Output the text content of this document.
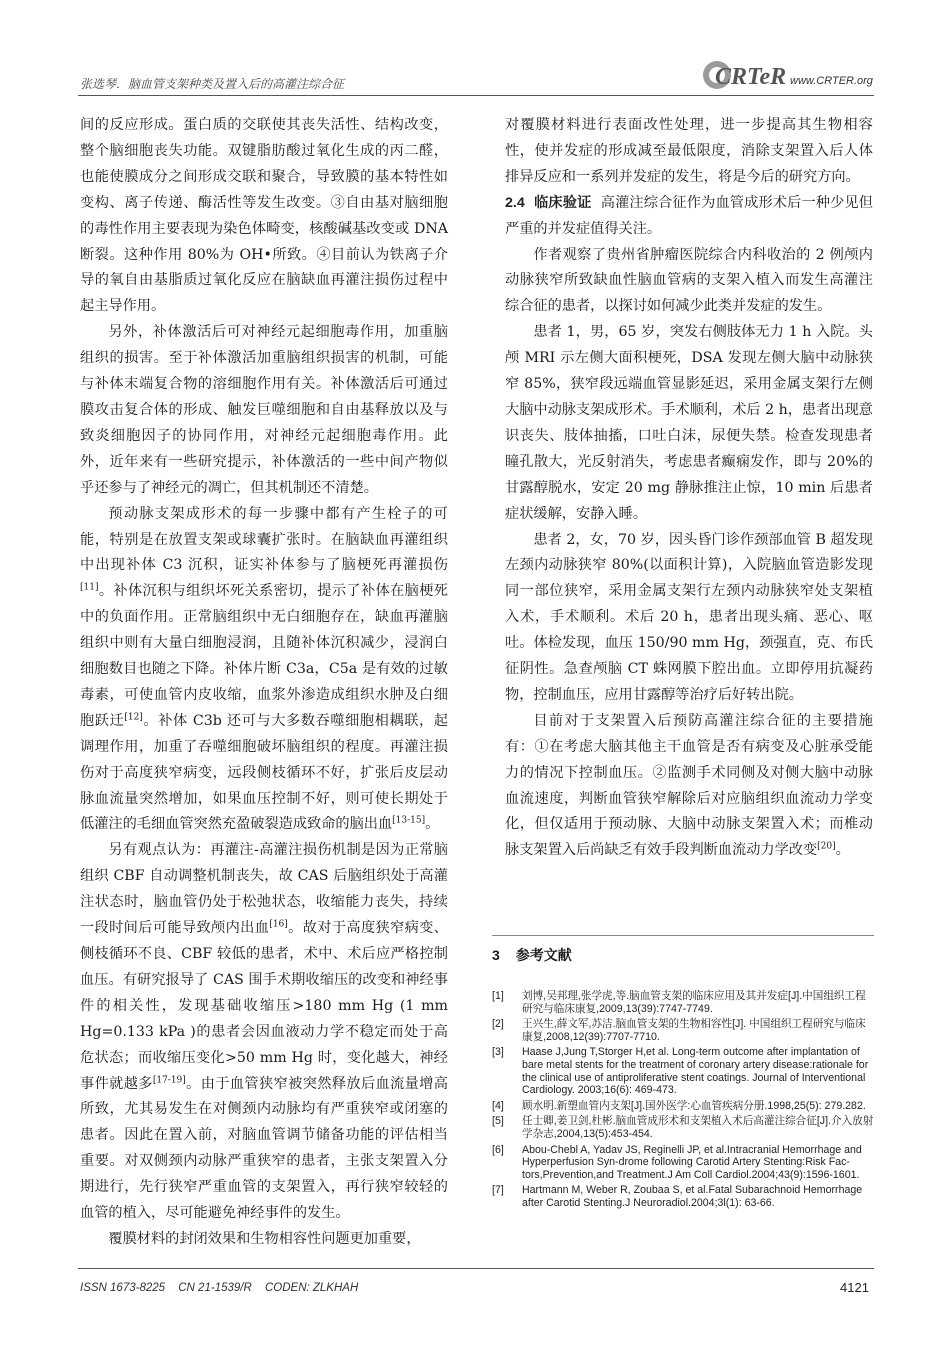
张选琴．脑血管支架种类及置入后的高灌注综合征	CRTeR www.CRTER.org

间的反应形成。蛋白质的交联使其丧失活性、结构改变，整个脑细胞丧失功能。双键脂肪酸过氧化生成的丙二醛，也能使膜成分之间形成交联和聚合，导致膜的基本特性如变构、离子传递、酶活性等发生改变。③自由基对脑细胞的毒性作用主要表现为染色体畸变，核酸碱基改变或 DNA 断裂。这种作用 80%为 OH•所致。④目前认为铁离子介导的氧自由基脂质过氧化反应在脑缺血再灌注损伤过程中起主导作用。

另外，补体激活后可对神经元起细胞毒作用，加重脑组织的损害。至于补体激活加重脑组织损害的机制，可能与补体末端复合物的溶细胞作用有关。补体激活后可通过膜攻击复合体的形成、触发巨噬细胞和自由基释放以及与致炎细胞因子的协同作用，对神经元起细胞毒作用。此外，近年来有一些研究提示，补体激活的一些中间产物似乎还参与了神经元的凋亡，但其机制还不清楚。

预动脉支架成形术的每一步骤中都有产生栓子的可能，特别是在放置支架或球囊扩张时。在脑缺血再灌组织中出现补体 C3 沉积，证实补体参与了脑梗死再灌损伤[11]。补体沉积与组织坏死关系密切，提示了补体在脑梗死中的负面作用。正常脑组织中无白细胞存在，缺血再灌脑组织中则有大量白细胞浸润，且随补体沉积减少，浸润白细胞数目也随之下降。补体片断 C3a，C5a 是有效的过敏毒素，可使血管内皮收缩，血浆外渗造成组织水肿及白细胞跃迁[12]。补体 C3b 还可与大多数吞噬细胞相耦联，起调理作用，加重了吞噬细胞破坏脑组织的程度。再灌注损伤对于高度狭窄病变，远段侧枝循环不好，扩张后皮层动脉血流量突然增加，如果血压控制不好，则可使长期处于低灌注的毛细血管突然充盈破裂造成致命的脑出血[13-15]。

另有观点认为：再灌注-高灌注损伤机制是因为正常脑组织 CBF 自动调整机制丧失，故 CAS 后脑组织处于高灌注状态时，脑血管仍处于松弛状态，收缩能力丧失，持续一段时间后可能导致颅内出血[16]。故对于高度狭窄病变、侧枝循环不良、CBF 较低的患者，术中、术后应严格控制血压。有研究报导了 CAS 围手术期收缩压的改变和神经事件的相关性，发现基础收缩压>180 mm Hg (1 mm Hg=0.133 kPa )的患者会因血液动力学不稳定而处于高危状态；而收缩压变化>50 mm Hg 时，变化越大，神经事件就越多[17-19]。由于血管狭窄被突然释放后血流量增高所致，尤其易发生在对侧颈内动脉均有严重狭窄或闭塞的患者。因此在置入前，对脑血管调节储备功能的评估相当重要。对双侧颈内动脉严重狭窄的患者，主张支架置入分期进行，先行狭窄严重血管的支架置入，再行狭窄较轻的血管的植入，尽可能避免神经事件的发生。

覆膜材料的封闭效果和生物相容性问题更加重要，

对覆膜材料进行表面改性处理，进一步提高其生物相容性，使并发症的形成减至最低限度，消除支架置入后人体排异反应和一系列并发症的发生，将是今后的研究方向。

2.4 临床验证 高灌注综合征作为血管成形术后一种少见但严重的并发症值得关注。

作者观察了贵州省肿瘤医院综合内科收治的 2 例颅内动脉狭窄所致缺血性脑血管病的支架入植入而发生高灌注综合征的患者，以探讨如何减少此类并发症的发生。

患者 1，男，65 岁，突发右侧肢体无力 1 h 入院。头颅 MRI 示左侧大面积梗死，DSA 发现左侧大脑中动脉狭窄 85%，狭窄段远端血管显影延迟，采用金属支架行左侧大脑中动脉支架成形术。手术顺利，术后 2 h，患者出现意识丧失、肢体抽搐，口吐白沫，尿便失禁。检查发现患者瞳孔散大，光反射消失，考虑患者癫痫发作，即与 20%的甘露醇脱水，安定 20 mg 静脉推注止惊，10 min 后患者症状缓解，安静入睡。

患者 2，女，70 岁，因头昏门诊作颈部血管 B 超发现左颈内动脉狭窄 80%(以面积计算)，入院脑血管造影发现同一部位狭窄，采用金属支架行左颈内动脉狭窄处支架植入术，手术顺利。术后 20 h，患者出现头痛、恶心、呕吐。体检发现，血压 150/90 mm Hg，颈强直，克、布氏征阴性。急查颅脑 CT 蛛网膜下腔出血。立即停用抗凝药物，控制血压，应用甘露醇等治疗后好转出院。

目前对于支架置入后预防高灌注综合征的主要措施有：①在考虑大脑其他主干血管是否有病变及心脏承受能力的情况下控制血压。②监测手术同侧及对侧大脑中动脉血流速度，判断血管狭窄解除后对应脑组织血流动力学变化，但仅适用于预动脉、大脑中动脉支架置入术；而椎动脉支架置入后尚缺乏有效手段判断血流动力学改变[20]。

3 参考文献
[1]	刘博,吴邦理,张学虎,等.脑血管支架的临床应用及其并发症[J].中国组织工程研究与临床康复,2009,13(39):7747-7749.
[2]	王兴生,薛文军,苏洁.脑血管支架的生物相容性[J]. 中国组织工程研究与临床康复,2008,12(39):7707-7710.
[3]	Haase J,Jung T,Storger H,et al. Long-term outcome after implantation of bare metal stents for the treatment of coronary artery disease:rationale for the clinical use of antiproliferative stent coatings. Journal of Interventional Cardiology. 2003;16(6): 469-473.
[4]	顾水明.新塑血管内支架[J].国外医学:心血管疾病分册.1998,25(5): 279.282.
[5]	任士卿,姜卫剑,杜彬.脑血管成形术和支架植入术后高灌注综合征[J].介入放射学杂志,2004,13(5):453-454.
[6]	Abou-Chebl A, Yadav JS, Reginelli JP, et al.Intracranial Hemorrhage and Hyperperfusion Syn-drome following Carotid Artery Stenting:Risk Fac-tors,Prevention,and Treatment.J Am Coll Cardiol.2004;43(9):1596-1601.
[7]	Hartmann M, Weber R, Zoubaa S, et al.Fatal Subarachnoid Hemorrhage after Carotid Stenting.J Neuroradiol.2004;3l(1): 63-66.
ISSN 1673-8225 CN 21-1539/R CODEN: ZLKHAH	4121
